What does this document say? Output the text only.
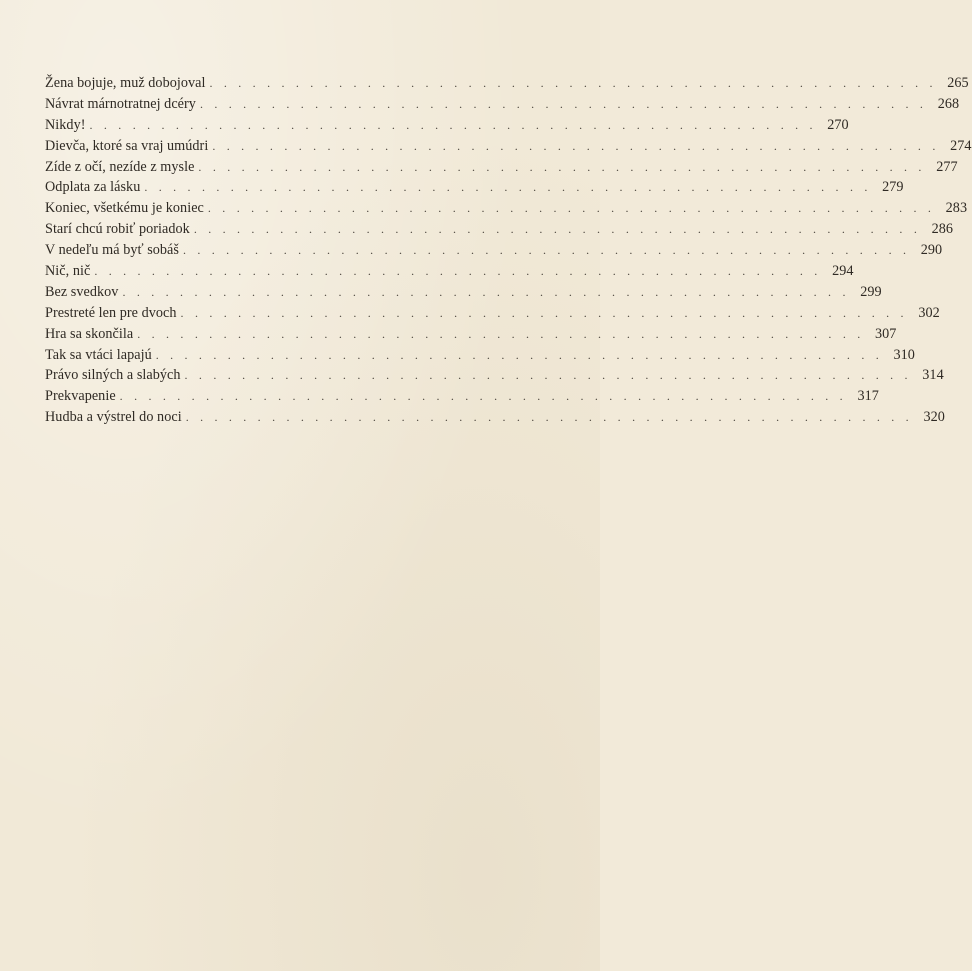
Žena bojuje, muž dobojoval . . . . . . . . . . . . . . . . . . . . . . . . . . . . . . . . . . . . . . . . . . . . . . . . . . . 265
Návrat márnotratnej dcéry . . . . . . . . . . . . . . . . . . . . . . . . . . . . . . . . . . . . . . . . . . . . . . . . . . . 268
Nikdy! . . . . . . . . . . . . . . . . . . . . . . . . . . . . . . . . . . . . . . . . . . . . . . . . . . . 270
Dievča, ktoré sa vraj umúdri . . . . . . . . . . . . . . . . . . . . . . . . . . . . . . . . . . . . . . . . . . . . . . . . . . . 274
Zíde z očí, nezíde z mysle . . . . . . . . . . . . . . . . . . . . . . . . . . . . . . . . . . . . . . . . . . . . . . . . . . . 277
Odplata za lásku . . . . . . . . . . . . . . . . . . . . . . . . . . . . . . . . . . . . . . . . . . . . . . . . . . . 279
Koniec, všetkému je koniec . . . . . . . . . . . . . . . . . . . . . . . . . . . . . . . . . . . . . . . . . . . . . . . . . . . 283
Starí chcú robiť poriadok . . . . . . . . . . . . . . . . . . . . . . . . . . . . . . . . . . . . . . . . . . . . . . . . . . . 286
V nedeľu má byť sobáš . . . . . . . . . . . . . . . . . . . . . . . . . . . . . . . . . . . . . . . . . . . . . . . . . . . 290
Nič, nič . . . . . . . . . . . . . . . . . . . . . . . . . . . . . . . . . . . . . . . . . . . . . . . . . . . 294
Bez svedkov . . . . . . . . . . . . . . . . . . . . . . . . . . . . . . . . . . . . . . . . . . . . . . . . . . . 299
Prestreté len pre dvoch . . . . . . . . . . . . . . . . . . . . . . . . . . . . . . . . . . . . . . . . . . . . . . . . . . . 302
Hra sa skončila . . . . . . . . . . . . . . . . . . . . . . . . . . . . . . . . . . . . . . . . . . . . . . . . . . . 307
Tak sa vtáci lapajú . . . . . . . . . . . . . . . . . . . . . . . . . . . . . . . . . . . . . . . . . . . . . . . . . . . 310
Právo silných a slabých . . . . . . . . . . . . . . . . . . . . . . . . . . . . . . . . . . . . . . . . . . . . . . . . . . . 314
Prekvapenie . . . . . . . . . . . . . . . . . . . . . . . . . . . . . . . . . . . . . . . . . . . . . . . . . . . 317
Hudba a výstrel do noci . . . . . . . . . . . . . . . . . . . . . . . . . . . . . . . . . . . . . . . . . . . . . . . . . . . 320
